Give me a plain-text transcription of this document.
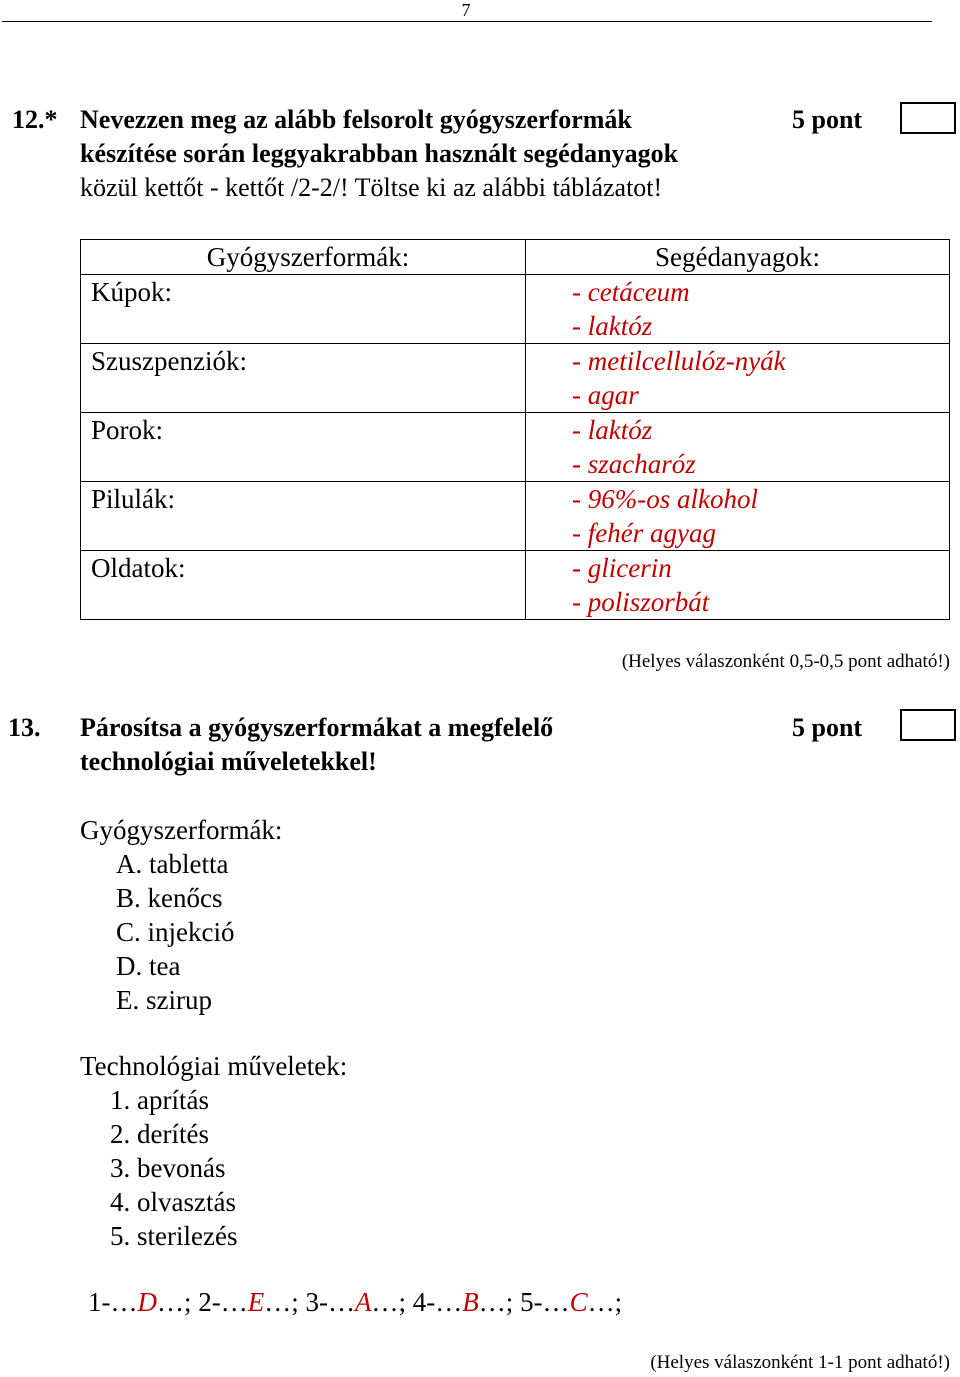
7
12.* Nevezzen meg az alább felsorolt gyógyszerformák
készítése során leggyakrabban használt segédanyagok
közül kettőt - kettőt /2-2/! Töltse ki az alábbi táblázatot!
5 pont
Gyógyszerformák:	Segédanyagok:
Kúpok:	- cetáceum
- laktóz

Szuszpenziók:	- metilcellulóz-nyák
- agar

Porok:	- laktóz
- szacharóz

Pilulák:	- 96%-os alkohol
- fehér agyag

Oldatok:	- glicerin
- poliszorbát
(Helyes válaszonként 0,5-0,5 pont adható!)
13. Párosítsa a gyógyszerformákat a megfelelő
technológiai műveletekkel!
5 pont
Gyógyszerformák:
A. tabletta
B. kenőcs
C. injekció
D. tea
E. szirup
Technológiai műveletek:
1. aprítás
2. derítés
3. bevonás
4. olvasztás
5. sterilezés
1-…D…; 2-…E…; 3-…A…; 4-…B…; 5-…C…;
(Helyes válaszonként 1-1 pont adható!)
